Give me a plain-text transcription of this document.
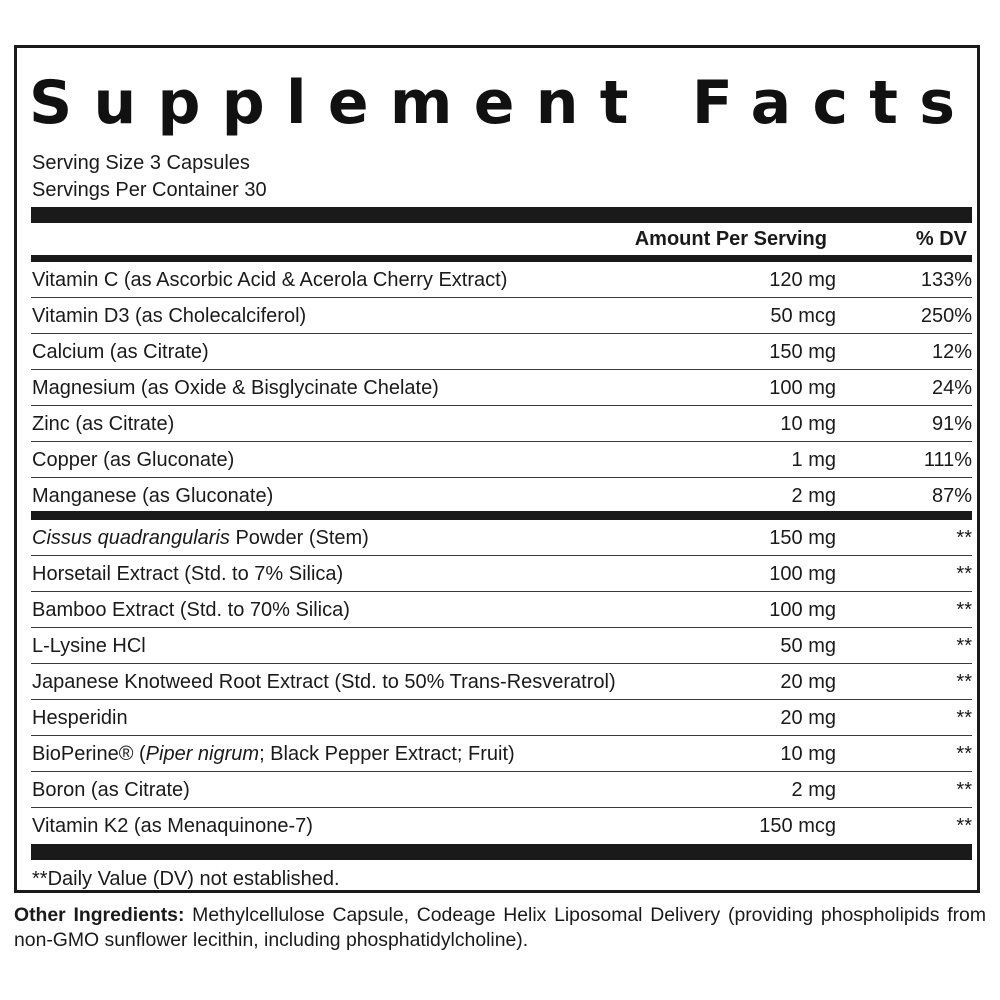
Supplement Facts
Serving Size 3 Capsules
Servings Per Container 30
Amount Per Serving	% DV
Vitamin C (as Ascorbic Acid & Acerola Cherry Extract)	120 mg	133%
Vitamin D3 (as Cholecalciferol)	50 mcg	250%
Calcium (as Citrate)	150 mg	12%
Magnesium (as Oxide & Bisglycinate Chelate)	100 mg	24%
Zinc (as Citrate)	10 mg	91%
Copper (as Gluconate)	1 mg	111%
Manganese (as Gluconate)	2 mg	87%
Cissus quadrangularis Powder (Stem)	150 mg	**
Horsetail Extract (Std. to 7% Silica)	100 mg	**
Bamboo Extract (Std. to 70% Silica)	100 mg	**
L-Lysine HCl	50 mg	**
Japanese Knotweed Root Extract (Std. to 50% Trans-Resveratrol)	20 mg	**
Hesperidin	20 mg	**
BioPerine® (Piper nigrum; Black Pepper Extract; Fruit)	10 mg	**
Boron (as Citrate)	2 mg	**
Vitamin K2 (as Menaquinone-7)	150 mcg	**
**Daily Value (DV) not established.
Other Ingredients: Methylcellulose Capsule, Codeage Helix Liposomal Delivery (providing phospholipids from non-GMO sunflower lecithin, including phosphatidylcholine).
